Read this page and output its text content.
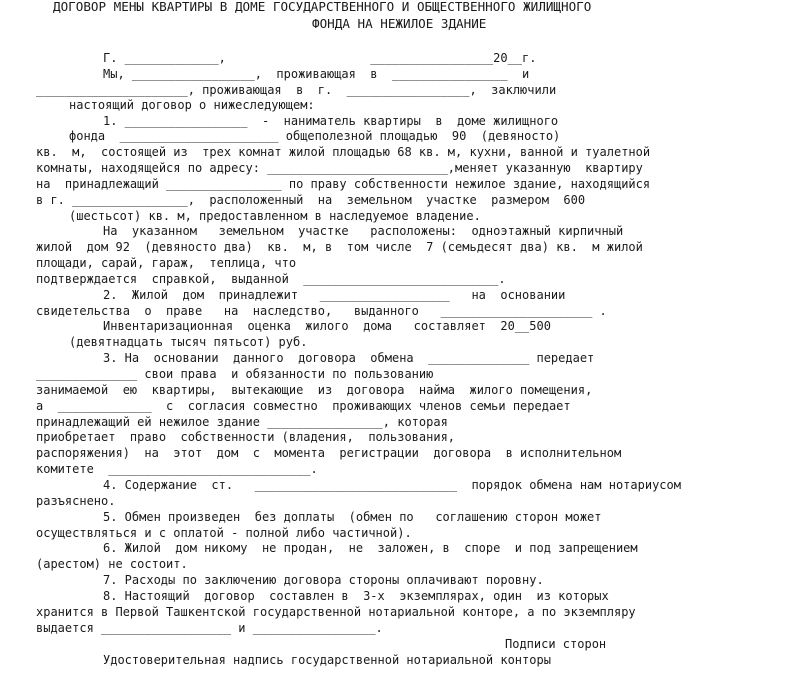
ДОГОВОР МЕНЫ КВАРТИРЫ В ДОМЕ ГОСУДАРСТВЕННОГО И ОБЩЕСТВЕННОГО ЖИЛИЩНОГО
ФОНДА НА НЕЖИЛОЕ ЗДАНИЕ
Г. _____________,                    _________________20__г.
Мы, _________________,  проживающая  в  ________________  и
_____________________, проживающая  в  г.  _________________,  заключили
настоящий договор о нижеследующем:
1. _________________  -  наниматель квартиры  в  доме жилищного
фонда  ______________________ общеполезной площадью  90  (девяносто)
кв.  м,  состоящей из  трех комнат жилой площадью 68 кв. м, кухни, ванной и туалетной
комнаты, находящейся по адресу: _________________________,меняет указанную  квартиру
на  принадлежащий ________________ по праву собственности нежилое здание, находящийся
в г. ________________,  расположенный  на  земельном  участке  размером  600
(шестьсот) кв. м, предоставленном в наследуемое владение.
На  указанном   земельном  участке   расположены:  одноэтажный кирпичный
жилой  дом 92  (девяносто два)  кв.  м, в  том числе  7 (семьдесят два) кв.  м жилой
площади, сарай, гараж,  теплица, что
подтверждается  справкой,  выданной  ___________________________.
2.  Жилой  дом  принадлежит   __________________   на  основании
свидетельства  о  праве   на  наследство,   выданного   _____________________ .
Инвентаризационная  оценка  жилого  дома   составляет  20__500
(девятнадцать тысяч пятьсот) руб.
3. На  основании  данного  договора  обмена  ______________ передает
______________ свои права  и обязанности по пользованию
занимаемой  ею  квартиры,  вытекающие  из  договора  найма  жилого помещения,
а  _____________  с  согласия совместно  проживающих членов семьи передает
принадлежащий ей нежилое здание ________________, которая
приобретает  право  собственности (владения,  пользования,
распоряжения)  на  этот  дом  с  момента  регистрации  договора  в исполнительном
комитете  ____________________________.
4. Содержание  ст.   ____________________________  порядок обмена нам нотариусом
разъяснено.
5. Обмен произведен  без доплаты  (обмен по   соглашению сторон может
осуществляться и с оплатой - полной либо частичной).
6. Жилой  дом никому  не продан,  не  заложен, в  споре  и под запрещением
(арестом) не состоит.
7. Расходы по заключению договора стороны оплачивают поровну.
8. Настоящий  договор  составлен в  3-х  экземплярах, один  из которых
хранится в Первой Ташкентской государственной нотариальной конторе, а по экземпляру
выдается __________________ и _________________.
Подписи сторон
Удостоверительная надпись государственной нотариальной конторы
